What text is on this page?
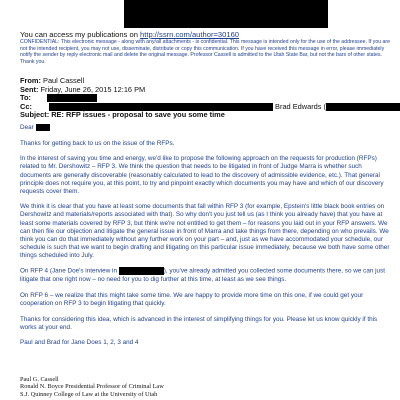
You can access my publications on http://ssrn.com/author=30160
CONFIDENTIAL: This electronic message - along with any/all attachments - is confidential. This message is intended only for the use of the addressee. If you are not the intended recipient, you may not use, disseminate, distribute or copy this communication. If you have received this message in error, please immediately notify the sender by reply electronic mail and delete the original message. Professor Cassell is admitted to the Utah State Bar, but not the bars of other states. Thank you.
From: Paul Cassell
Sent: Friday, June 26, 2015 12:16 PM
To:
Cc:	Brad Edwards (
Subject: RE: RFP issues - proposal to save you some time

Dear

Thanks for getting back to us on the issue of the RFPs.

In the interest of saving you time and energy, we'd like to propose the following approach on the requests for production (RFPs) related to Mr. Dershowitz – RFP 3. We think the question that needs to be litigated in front of Judge Marra is whether such documents are generally discoverable (reasonably calculated to lead to the discovery of admissible evidence, etc.). That general principle does not require you, at this point, to try and pinpoint exactly which documents you may have and which of our discovery requests cover them.

We think it is clear that you have at least some documents that fall within RFP 3 (for example, Epstein's little black book entries on Dershowitz and materials/reports associated with that). So why don't you just tell us (as I think you already have) that you have at least some materials covered by RFP 3, but think we're not entitled to get them – for reasons you laid out in your RFP answers. We can then file our objection and litigate the general issue in front of Marra and take things from there, depending on who prevails. We think you can do that immediately without any further work on your part – and, just as we have accommodated your schedule, our schedule is such that we want to begin drafting and litigating on this particular issue immediately, because we both have some other things scheduled into July.

On RFP 4 (Jane Doe's interview in	), you've already admitted you collected some documents there, so we can just litigate that one right now – no need for you to dig further at this time, at least as we see things.

On RFP 6 – we realize that this might take some time. We are happy to provide more time on this one, if we could get your cooperation on RFP 3 to begin litigating that quickly.

Thanks for considering this idea, which is advanced in the interest of simplifying things for you. Please let us know quickly if this works at your end.

Paul and Brad for Jane Does 1, 2, 3 and 4

Paul G. Cassell
Ronald N. Boyce Presidential Professor of Criminal Law
S.J. Quinney College of Law at the University of Utah
